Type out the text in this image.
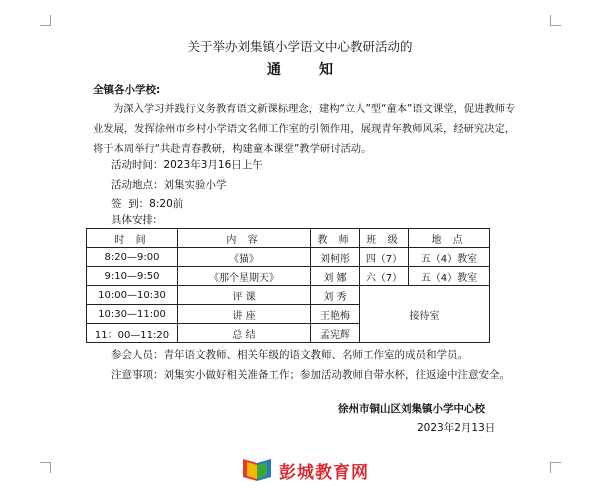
关于举办刘集镇小学语文中心教研活动的
通知
全镇各小学校:
为深入学习并践行义务教育语文新课标理念，建构“立人”型“童本”语文课堂，促进教师专业发展，发挥徐州市乡村小学语文名师工作室的引领作用，展现青年教师风采，经研究决定，将于本周举行“共赴青春教研，构建童本课堂”教学研讨活动。
活动时间：2023年3月16日上午
活动地点：刘集实验小学
签  到：8:20前
具体安排:
时 间	内 容	教 师	班 级	地 点
8:20—9:00	《猫》	刘柯彤	四（7）	五（4）教室
9:10—9:50	《那个星期天》	刘 娜	六（7）	五（4）教室
10:00—10:30	评 课	刘 秀	接待室	
10:30—11:00	讲 座	王艳梅		
11：00—11:20	总 结	孟宪辉		
参会人员：青年语文教师、相关年级的语文教师、名师工作室的成员和学员。
注意事项：刘集实小做好相关准备工作；参加活动教师自带水杯，往返途中注意安全。
徐州市铜山区刘集镇小学中心校
2023年2月13日
彭城教育网
